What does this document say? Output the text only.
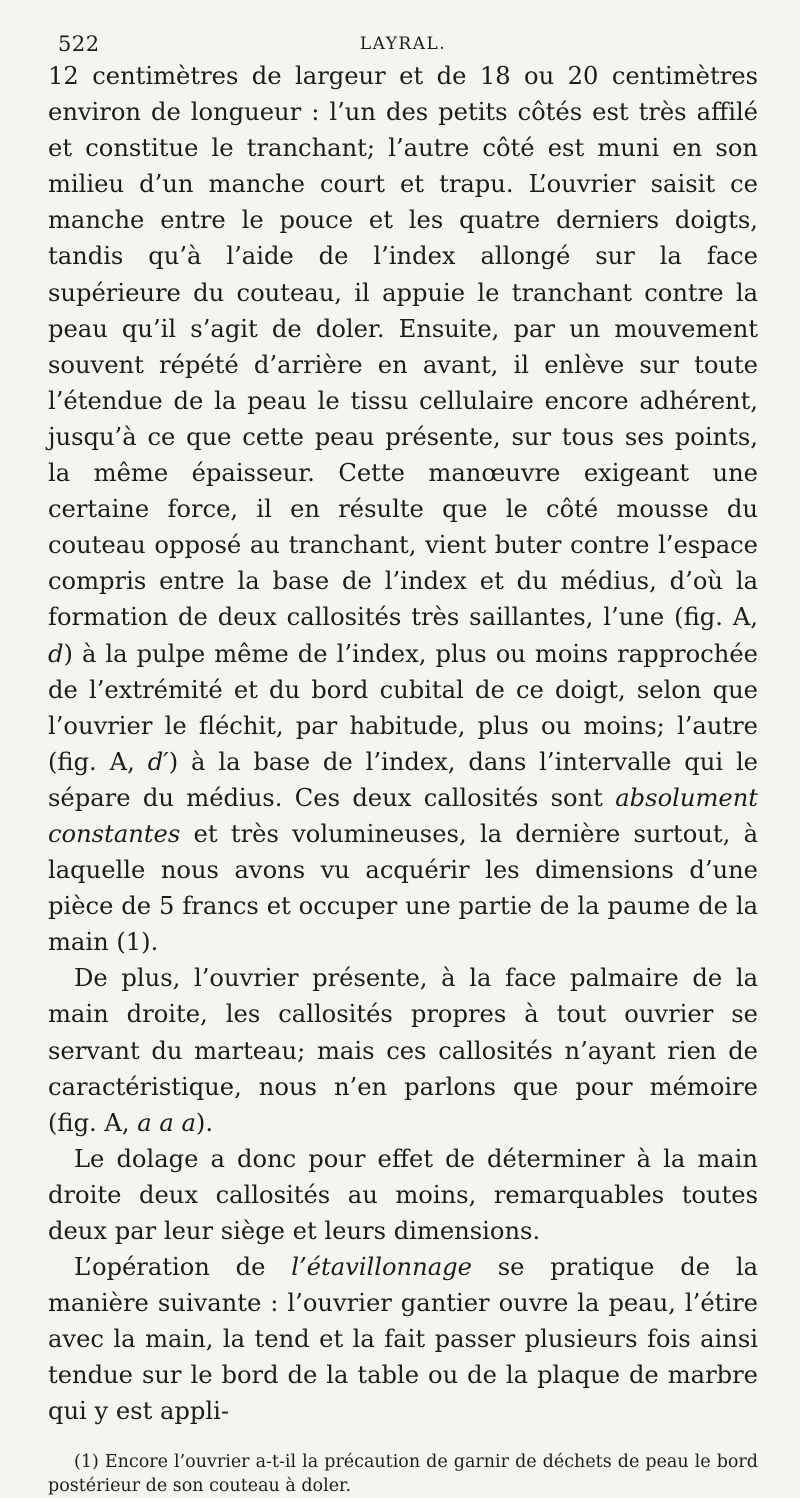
522	LAYRAL.

12 centimètres de largeur et de 18 ou 20 centimètres environ de longueur : l’un des petits côtés est très affilé et constitue le tranchant; l’autre côté est muni en son milieu d’un manche court et trapu. L’ouvrier saisit ce manche entre le pouce et les quatre derniers doigts, tandis qu’à l’aide de l’index allongé sur la face supérieure du couteau, il appuie le tranchant contre la peau qu’il s’agit de doler. Ensuite, par un mouvement souvent répété d’arrière en avant, il enlève sur toute l’étendue de la peau le tissu cellulaire encore adhérent, jusqu’à ce que cette peau présente, sur tous ses points, la même épaisseur. Cette manœuvre exigeant une certaine force, il en résulte que le côté mousse du couteau opposé au tranchant, vient buter contre l’espace compris entre la base de l’index et du médius, d’où la formation de deux callosités très saillantes, l’une (fig. A, d) à la pulpe même de l’index, plus ou moins rapprochée de l’extrémité et du bord cubital de ce doigt, selon que l’ouvrier le fléchit, par habitude, plus ou moins; l’autre (fig. A, d′) à la base de l’index, dans l’intervalle qui le sépare du médius. Ces deux callosités sont absolument constantes et très volumineuses, la dernière surtout, à laquelle nous avons vu acquérir les dimensions d’une pièce de 5 francs et occuper une partie de la paume de la main (1).

De plus, l’ouvrier présente, à la face palmaire de la main droite, les callosités propres à tout ouvrier se servant du marteau; mais ces callosités n’ayant rien de caractéristique, nous n’en parlons que pour mémoire (fig. A, a a a).

Le dolage a donc pour effet de déterminer à la main droite deux callosités au moins, remarquables toutes deux par leur siège et leurs dimensions.

L’opération de l’étavillonnage se pratique de la manière suivante : l’ouvrier gantier ouvre la peau, l’étire avec la main, la tend et la fait passer plusieurs fois ainsi tendue sur le bord de la table ou de la plaque de marbre qui y est appli-

(1) Encore l’ouvrier a-t-il la précaution de garnir de déchets de peau le bord postérieur de son couteau à doler.
